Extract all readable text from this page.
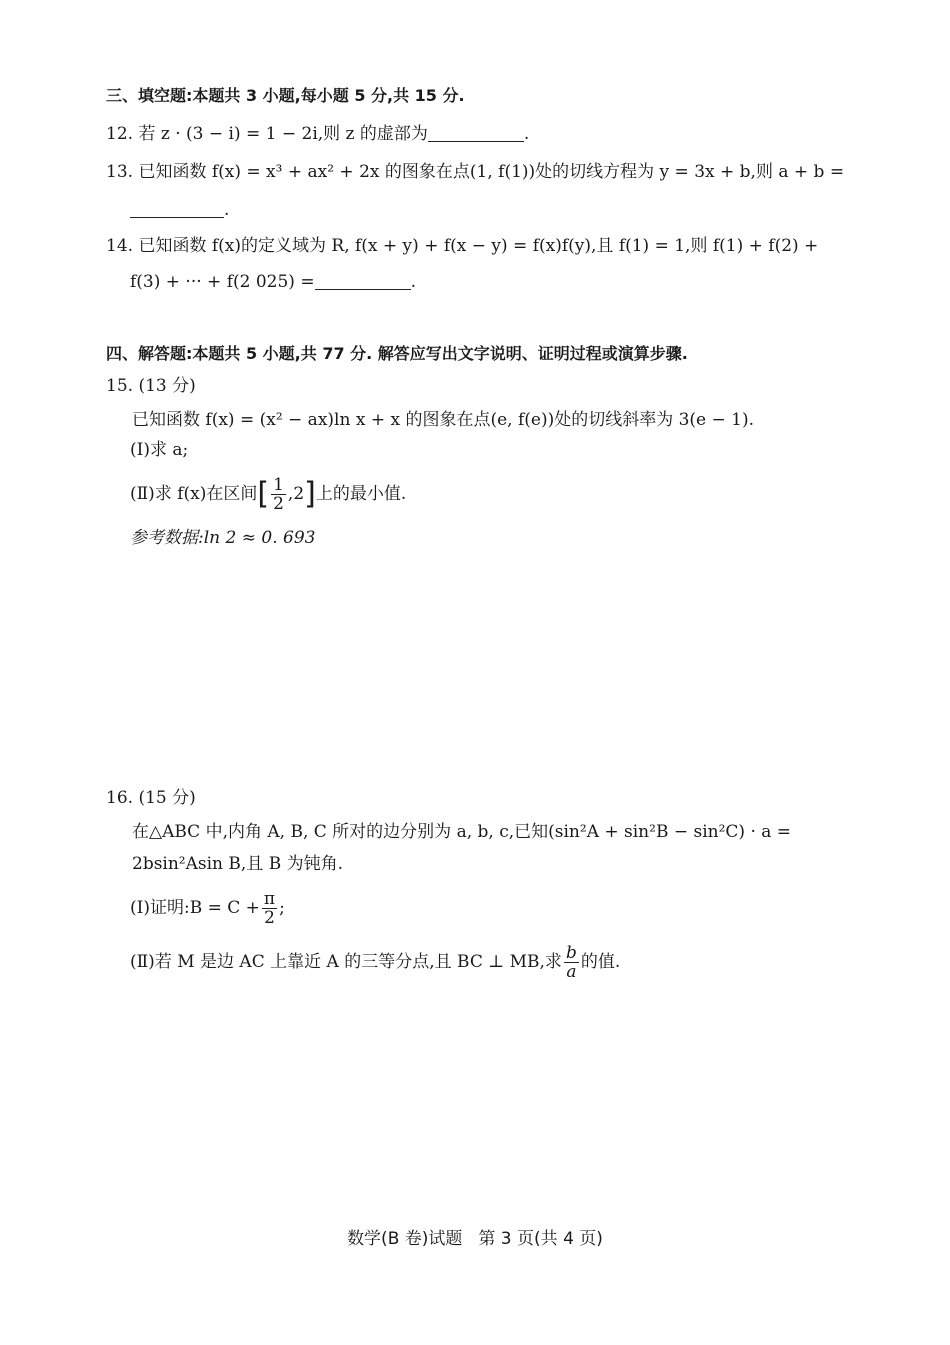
三、填空题:本题共 3 小题,每小题 5 分,共 15 分.
12. 若 z · (3 − i) = 1 − 2i,则 z 的虚部为	.
13. 已知函数 f(x) = x³ + ax² + 2x 的图象在点(1, f(1))处的切线方程为 y = 3x + b,则 a + b =
.
14. 已知函数 f(x)的定义域为 R, f(x + y) + f(x − y) = f(x)f(y),且 f(1) = 1,则 f(1) + f(2) +
f(3) + ··· + f(2 025) =	.
四、解答题:本题共 5 小题,共 77 分. 解答应写出文字说明、证明过程或演算步骤.
15. (13 分)
已知函数 f(x) = (x² − ax)ln x + x 的图象在点(e, f(e))处的切线斜率为 3(e − 1).
(Ⅰ)求 a;
(Ⅱ)求 f(x)在区间[ $\frac{1}{2} ,2$]上的最小值.
参考数据:ln 2 ≈ 0. 693
16. (15 分)
在△ABC 中,内角 A, B, C 所对的边分别为 a, b, c,已知(sin²A + sin²B − sin²C) · a =
2bsin²Asin B,且 B 为钝角.
(Ⅰ)证明:B = $C + \frac{\pi}{2}$ ;
(Ⅱ)若 M 是边 AC 上靠近 A 的三等分点,且 BC ⊥ MB,求 $\frac{b}{a}$ 的值.
数学(B 卷)试题 第 3 页(共 4 页)
